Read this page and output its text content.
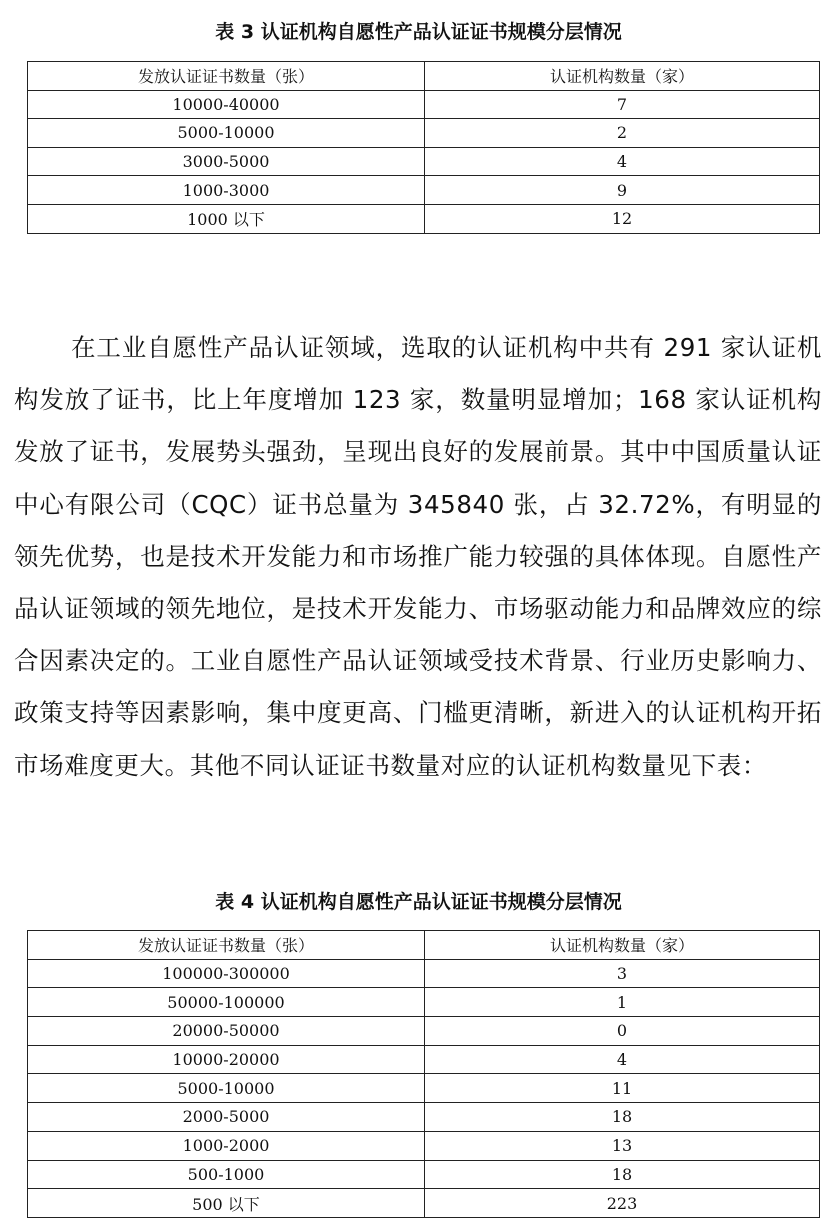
表 3 认证机构自愿性产品认证证书规模分层情况
发放认证证书数量（张）	认证机构数量（家）
10000-40000	7
5000-10000	2
3000-5000	4
1000-3000	9
1000 以下	12

在工业自愿性产品认证领域，选取的认证机构中共有 291 家认证机构发放了证书，比上年度增加 123 家，数量明显增加；168 家认证机构发放了证书，发展势头强劲，呈现出良好的发展前景。其中中国质量认证中心有限公司（CQC）证书总量为 345840 张，占 32.72%，有明显的领先优势，也是技术开发能力和市场推广能力较强的具体体现。自愿性产品认证领域的领先地位，是技术开发能力、市场驱动能力和品牌效应的综合因素决定的。工业自愿性产品认证领域受技术背景、行业历史影响力、政策支持等因素影响，集中度更高、门槛更清晰，新进入的认证机构开拓市场难度更大。其他不同认证证书数量对应的认证机构数量见下表：

表 4 认证机构自愿性产品认证证书规模分层情况
发放认证证书数量（张）	认证机构数量（家）
100000-300000	3
50000-100000	1
20000-50000	0
10000-20000	4
5000-10000	11
2000-5000	18
1000-2000	13
500-1000	18
500 以下	223
